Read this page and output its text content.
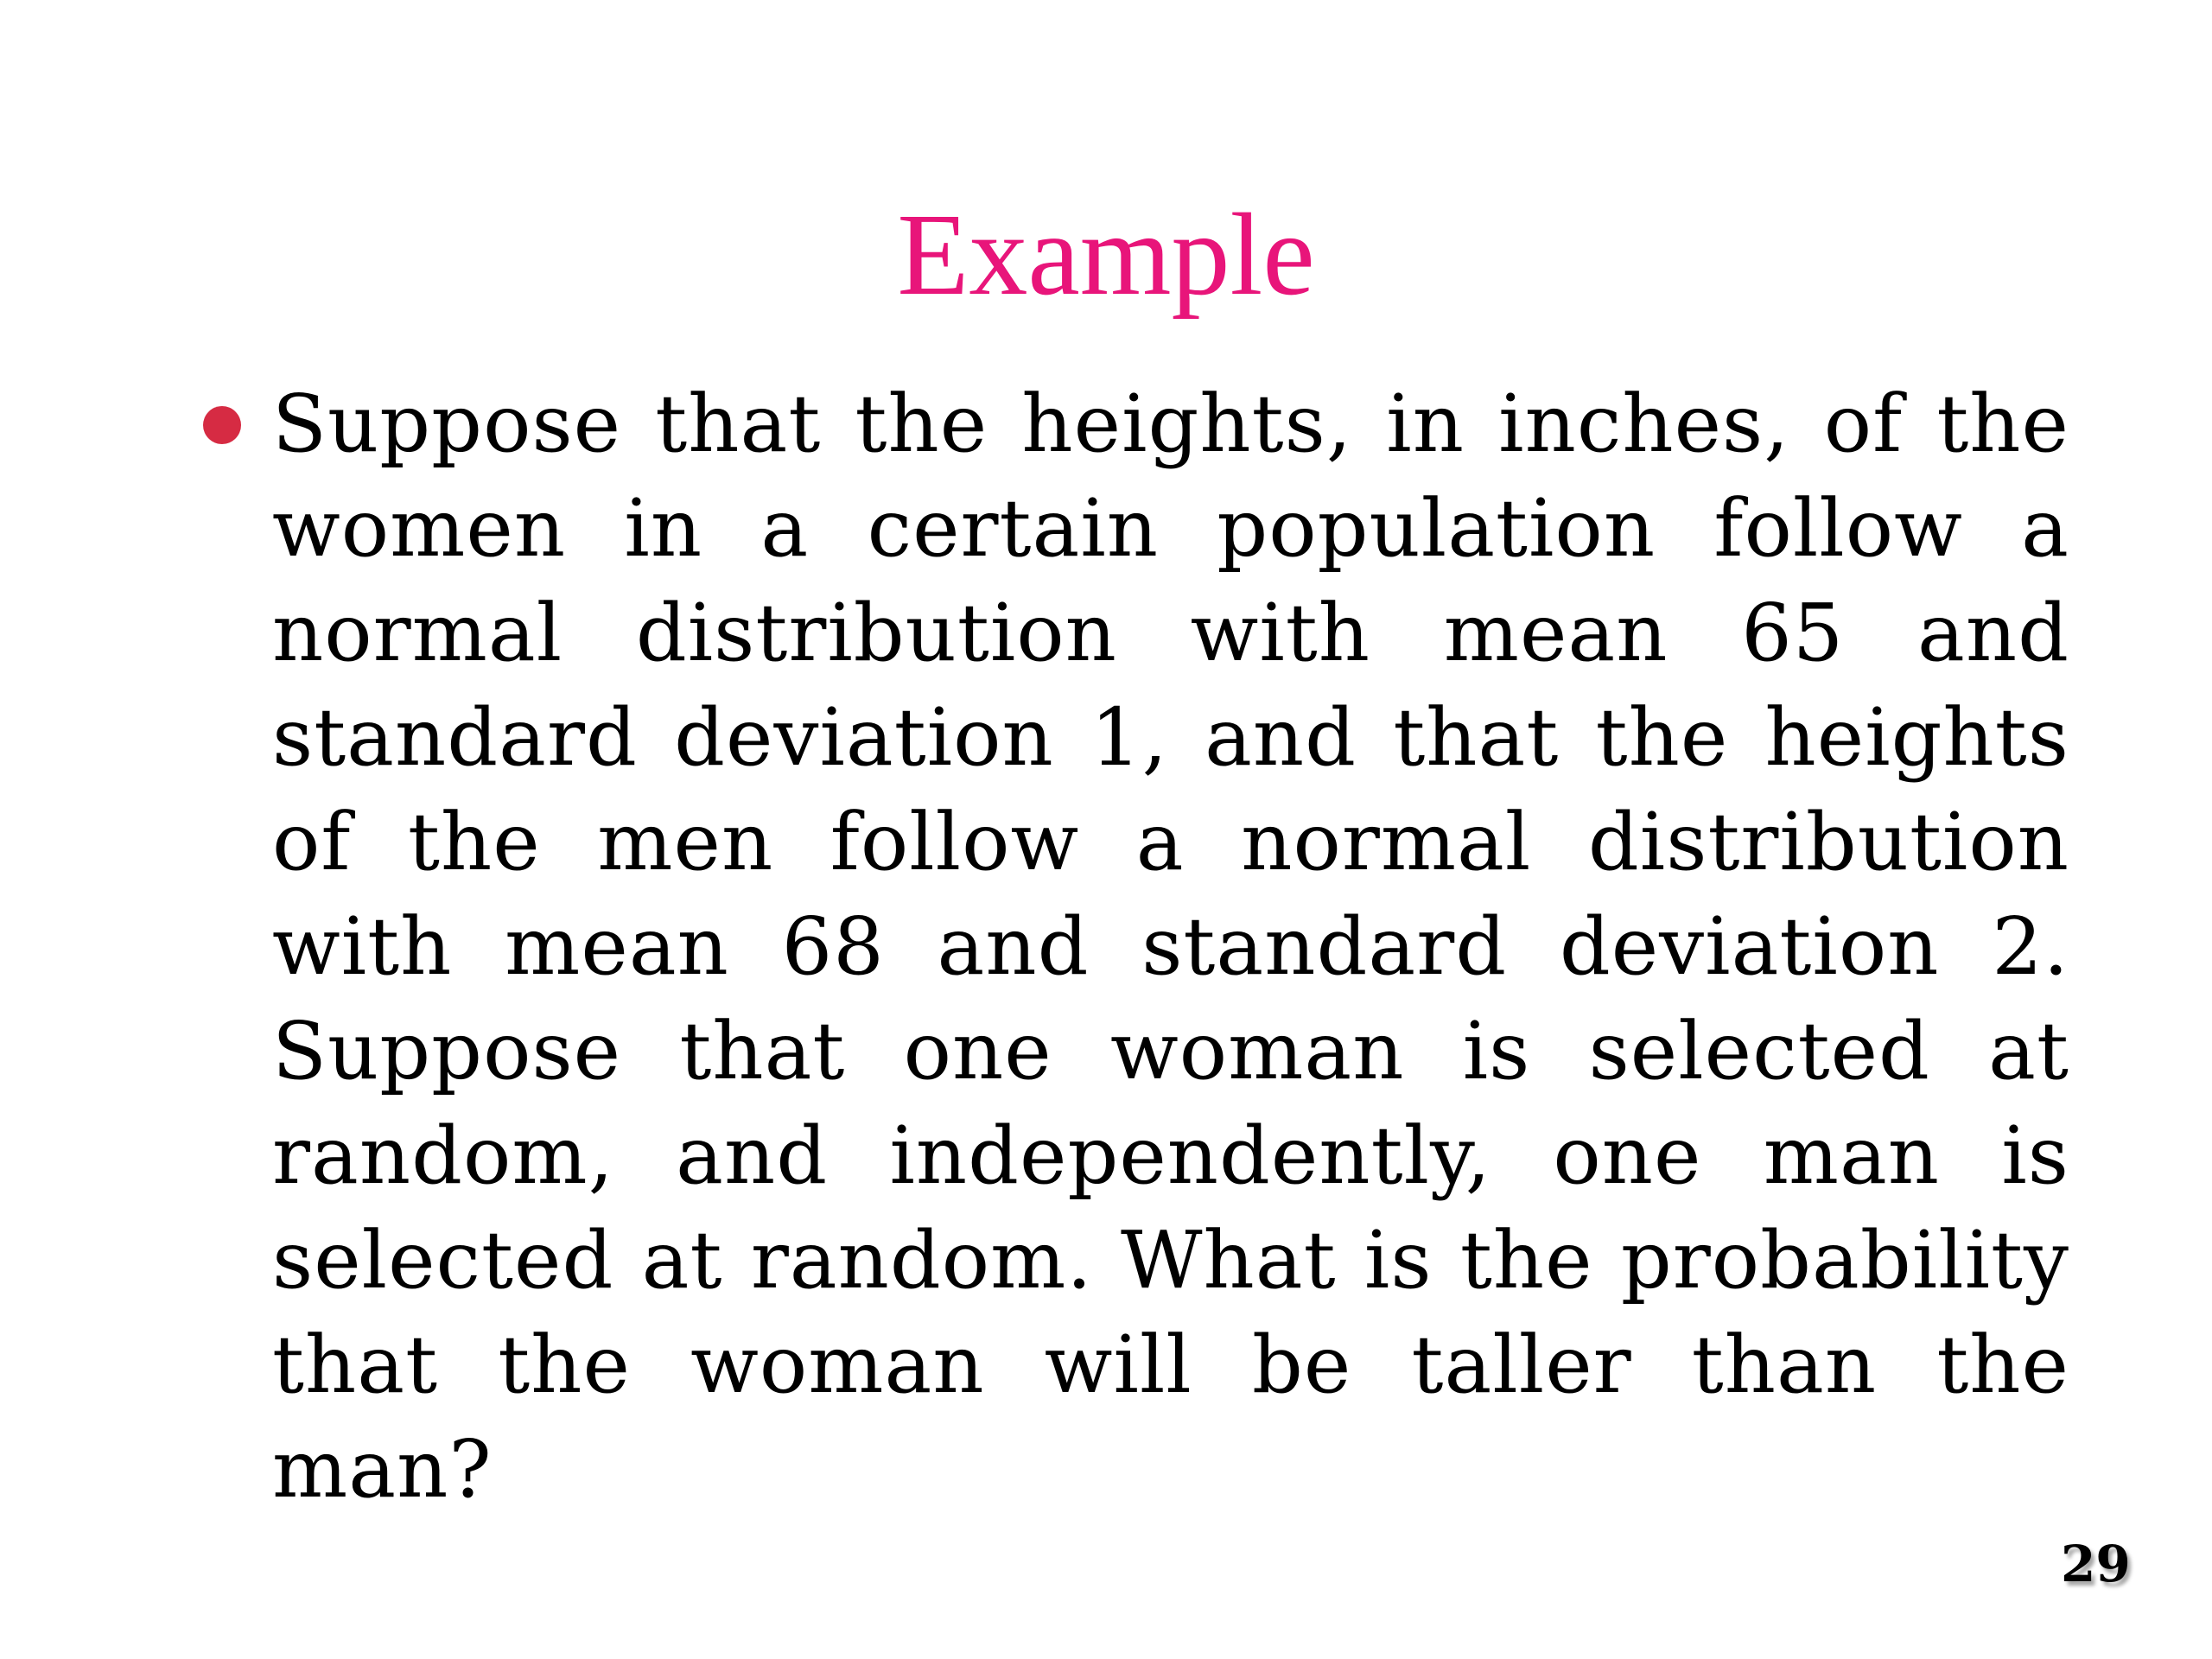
Example

Suppose that the heights, in inches, of the women in a certain population follow a normal distribution with mean 65 and standard deviation 1, and that the heights of the men follow a normal distribution with mean 68 and standard deviation 2. Suppose that one woman is selected at random, and independently, one man is selected at random. What is the probability that the woman will be taller than the man?

29
